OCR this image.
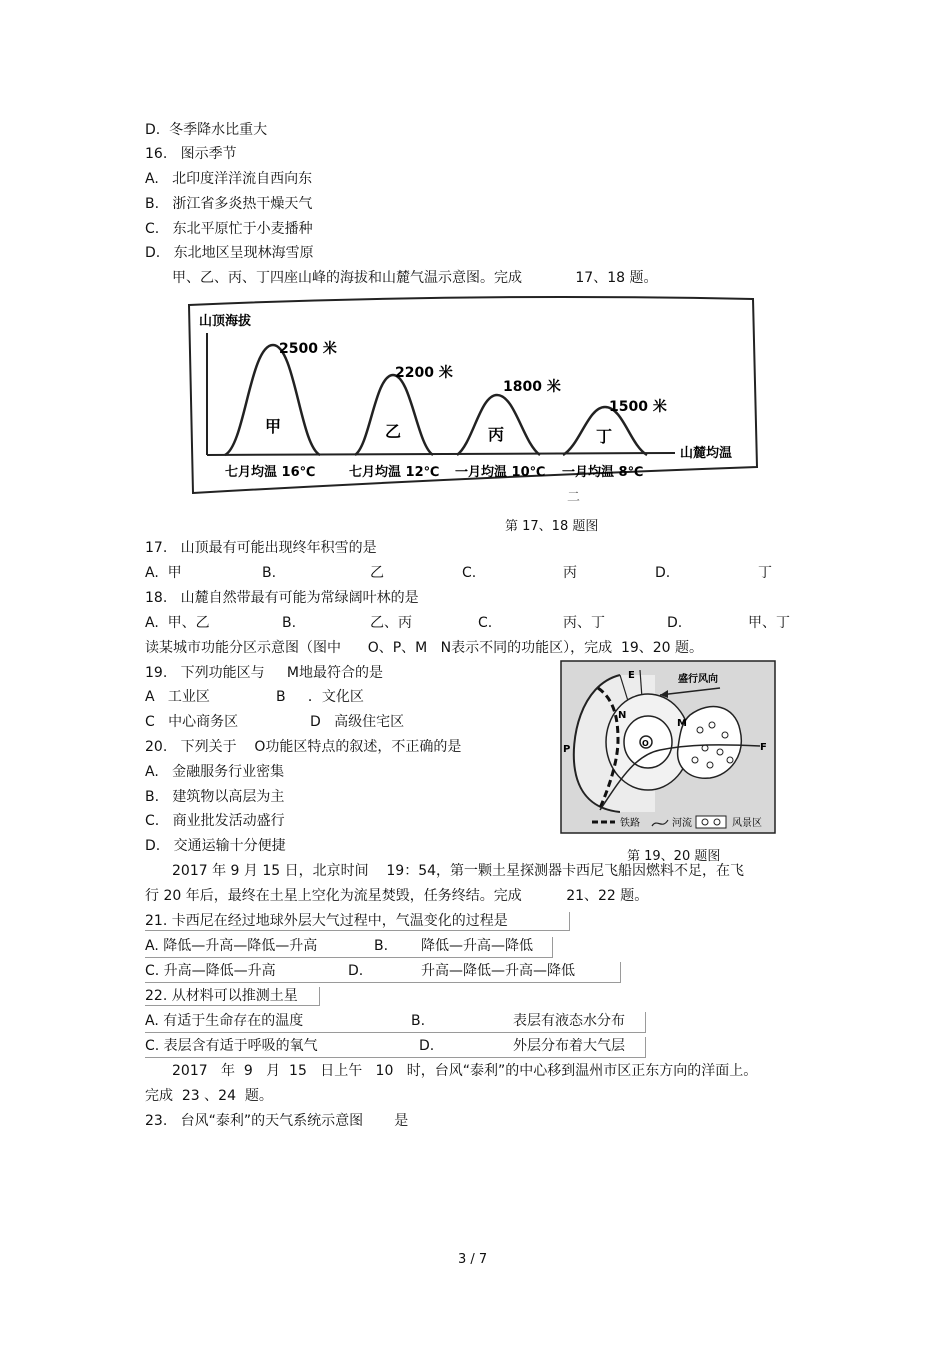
D.  冬季降水比重大
16.   图示季节
A.   北印度洋洋流自西向东
B.   浙江省多炎热干燥天气
C.   东北平原忙于小麦播种
D.   东北地区呈现林海雪原
甲、乙、丙、丁四座山峰的海拔和山麓气温示意图。完成            17、18 题。
山顶海拔
山麓均温
甲	乙	丙	丁
2500 米
2200 米
1800 米
1500 米
七月均温 16℃	七月均温 12℃ 一月均温 10℃ 一月均温 8℃
二
第 17、18 题图
17.   山顶最有可能出现终年积雪的是
A.  甲	B.	乙	C.	丙	D.	丁
18.   山麓自然带最有可能为常绿阔叶林的是
A.  甲、乙	B.	乙、丙	C.	丙、丁	D.	甲、丁
读某城市功能分区示意图（图中      O、P、M   N表示不同的功能区），完成  19、20 题。
19.   下列功能区与     M地最符合的是
A   工业区	B     ．文化区
C   中心商务区	D   高级住宅区
20.   下列关于    O功能区特点的叙述，不正确的是
A.   金融服务行业密集
B.   建筑物以高层为主
C.   商业批发活动盛行
D.   交通运输十分便捷
盛行风向
E
N
M
O
P	F
铁路	河流	风景区
第 19、20 题图
2017 年 9 月 15 日，北京时间    19：54，第一颗土星探测器卡西尼飞船因燃料不足，在飞
行 20 年后，最终在土星上空化为流星焚毁，任务终结。完成          21、22 题。
21. 卡西尼在经过地球外层大气过程中，气温变化的过程是

A. 降低—升高—降低—升高

	B.

降低—升高—降低

C. 升高—降低—升高

	D.

	升高—降低—升高—降低

22. 从材料可以推测土星

A. 有适于生命存在的温度

	B.

	表层有液态水分布

C. 表层含有适于呼吸的氧气

	D.

	外层分布着大气层

2017   年  9   月  15   日上午   10   时，台风“泰利”的中心移到温州市区正东方向的洋面上。
完成  23 、24  题。
23.   台风“泰利”的天气系统示意图       是
3 / 7
